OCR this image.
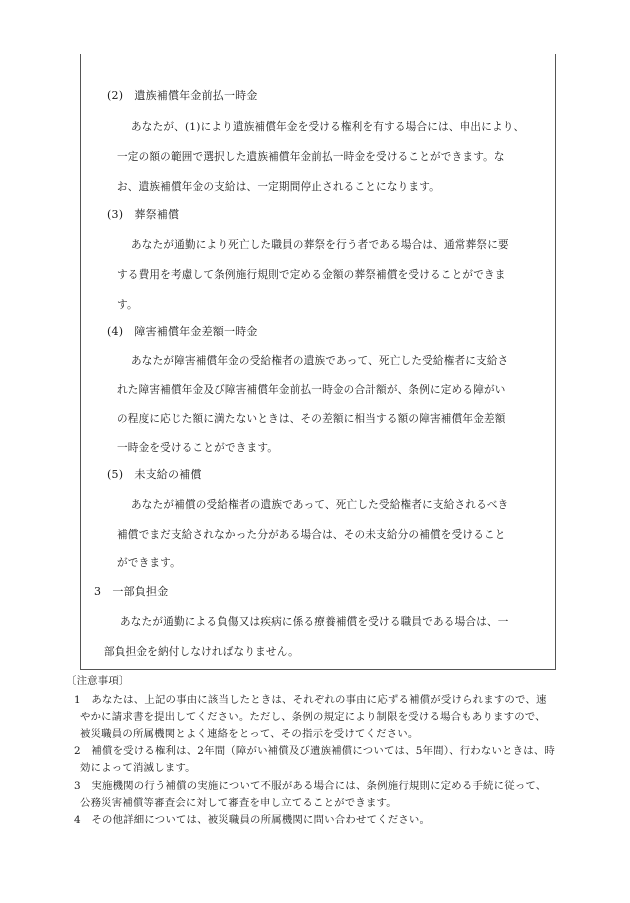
(2)　遺族補償年金前払一時金
あなたが、(1)により遺族補償年金を受ける権利を有する場合には、申出により、
一定の額の範囲で選択した遺族補償年金前払一時金を受けることができます。な
お、遺族補償年金の支給は、一定期間停止されることになります。
(3)　葬祭補償
あなたが通勤により死亡した職員の葬祭を行う者である場合は、通常葬祭に要
する費用を考慮して条例施行規則で定める金額の葬祭補償を受けることができま
す。
(4)　障害補償年金差額一時金
あなたが障害補償年金の受給権者の遺族であって、死亡した受給権者に支給さ
れた障害補償年金及び障害補償年金前払一時金の合計額が、条例に定める障がい
の程度に応じた額に満たないときは、その差額に相当する額の障害補償年金差額
一時金を受けることができます。
(5)　未支給の補償
あなたが補償の受給権者の遺族であって、死亡した受給権者に支給されるべき
補償でまだ支給されなかった分がある場合は、その未支給分の補償を受けること
ができます。
3　一部負担金
あなたが通勤による負傷又は疾病に係る療養補償を受ける職員である場合は、一
部負担金を納付しなければなりません。
〔注意事項〕
1　あなたは、上記の事由に該当したときは、それぞれの事由に応ずる補償が受けられますので、速
やかに請求書を提出してください。ただし、条例の規定により制限を受ける場合もありますので、
被災職員の所属機関とよく連絡をとって、その指示を受けてください。
2　補償を受ける権利は、2年間（障がい補償及び遺族補償については、5年間）、行わないときは、時
効によって消滅します。
3　実施機関の行う補償の実施について不服がある場合には、条例施行規則に定める手続に従って、
公務災害補償等審査会に対して審査を申し立てることができます。
4　その他詳細については、被災職員の所属機関に問い合わせてください。
